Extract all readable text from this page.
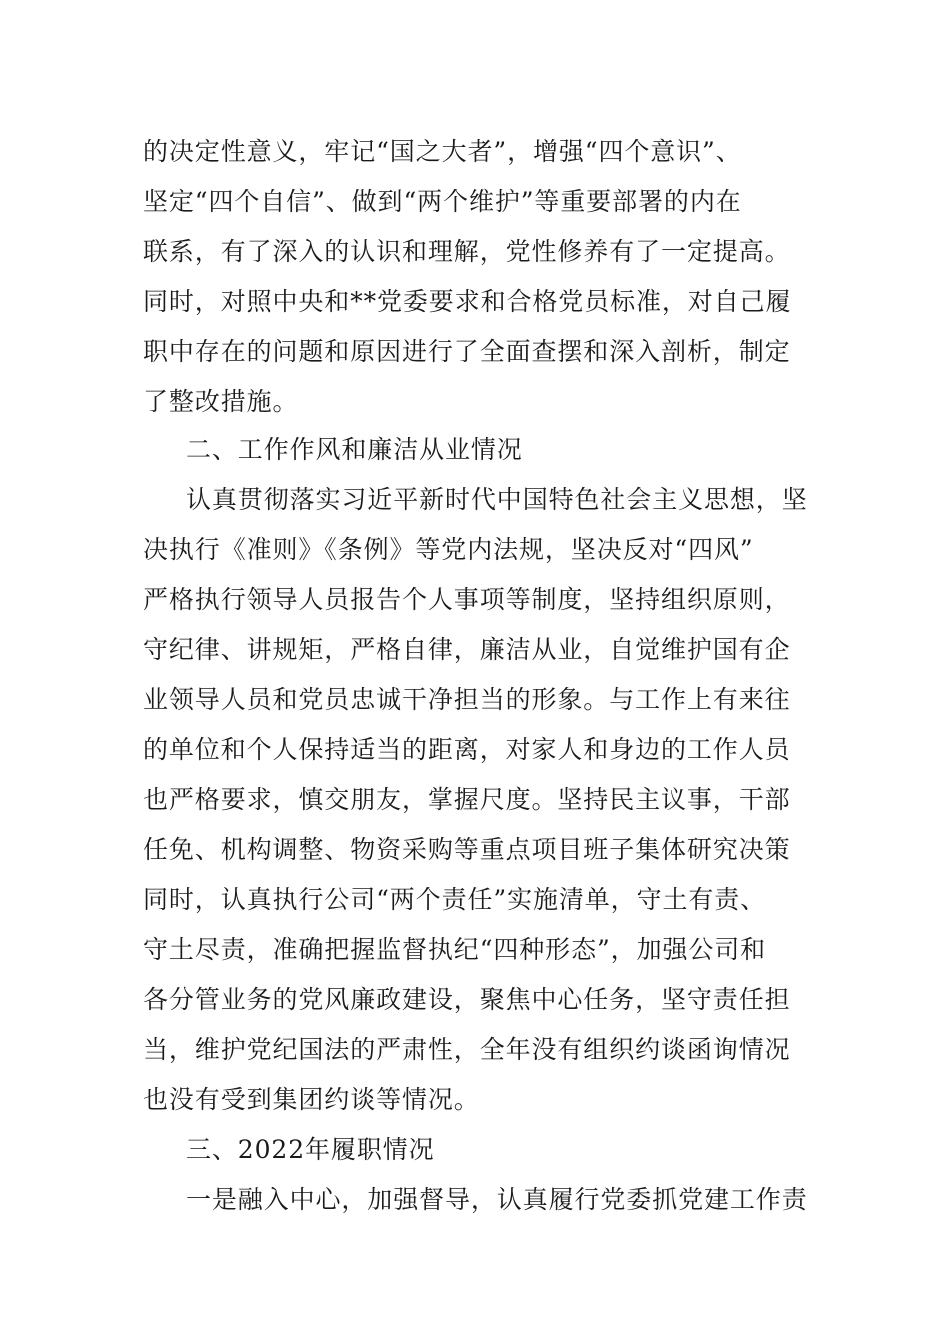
的决定性意义，牢记“国之大者”，增强“四个意识”、
坚定“四个自信”、做到“两个维护”等重要部署的内在
联系，有了深入的认识和理解，党性修养有了一定提高。
同时，对照中央和**党委要求和合格党员标准，对自己履
职中存在的问题和原因进行了全面查摆和深入剖析，制定
了整改措施。
二、工作作风和廉洁从业情况
认真贯彻落实习近平新时代中国特色社会主义思想，坚
决执行《准则》《条例》等党内法规，坚决反对“四风”
严格执行领导人员报告个人事项等制度，坚持组织原则，
守纪律、讲规矩，严格自律，廉洁从业，自觉维护国有企
业领导人员和党员忠诚干净担当的形象。与工作上有来往
的单位和个人保持适当的距离，对家人和身边的工作人员
也严格要求，慎交朋友，掌握尺度。坚持民主议事，干部
任免、机构调整、物资采购等重点项目班子集体研究决策
同时，认真执行公司“两个责任”实施清单，守土有责、
守土尽责，准确把握监督执纪“四种形态”，加强公司和
各分管业务的党风廉政建设，聚焦中心任务，坚守责任担
当，维护党纪国法的严肃性，全年没有组织约谈函询情况
也没有受到集团约谈等情况。
三、2022年履职情况
一是融入中心，加强督导，认真履行党委抓党建工作责
